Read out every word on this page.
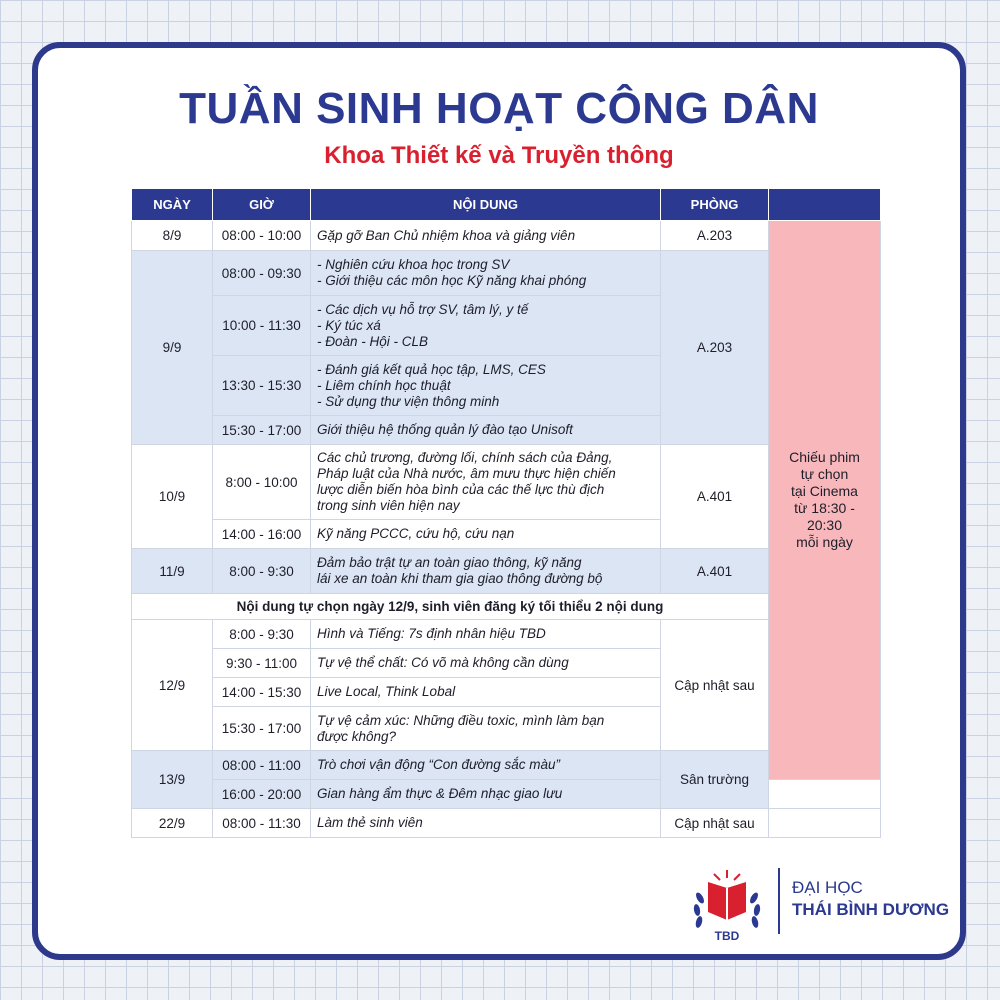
TUẦN SINH HOẠT CÔNG DÂN
Khoa Thiết kế và Truyền thông
NGÀY	GIỜ	NỘI DUNG	PHÒNG		
8/9	08:00 - 10:00	Gặp gỡ Ban Chủ nhiệm khoa và giảng viên	A.203	Chiếu phim
tự chọn
tại Cinema
từ 18:30 - 20:30
mỗi ngày	

9/9	08:00 - 09:30	- Nghiên cứu khoa học trong SV
- Giới thiệu các môn học Kỹ năng khai phóng	A.203		
	10:00 - 11:30	- Các dịch vụ hỗ trợ SV, tâm lý, y tế
- Ký túc xá
- Đoàn - Hội - CLB			

	13:30 - 15:30	- Đánh giá kết quả học tập, LMS, CES
- Liêm chính học thuật
- Sử dụng thư viện thông minh			

	15:30 - 17:00	Giới thiệu hệ thống quản lý đào tạo Unisoft			

10/9	8:00 - 10:00	Các chủ trương, đường lối, chính sách của Đảng,
Pháp luật của Nhà nước, âm mưu thực hiện chiến
lược diễn biến hòa bình của các thế lực thù địch
trong sinh viên hiện nay	A.401		
	14:00 - 16:00	Kỹ năng PCCC, cứu hộ, cứu nạn			

11/9	8:00 - 9:30	Đảm bảo trật tự an toàn giao thông, kỹ năng
lái xe an toàn khi tham gia giao thông đường bộ	A.401		
Nội dung tự chọn ngày 12/9, sinh viên đăng ký tối thiểu 2 nội dung					
12/9	8:00 - 9:30	Hình và Tiếng: 7s định nhân hiệu TBD	Cập nhật sau		
	9:30 - 11:00	Tự vệ thể chất: Có võ mà không cần dùng			

	14:00 - 15:30	Live Local, Think Lobal			

	15:30 - 17:00	Tự vệ cảm xúc: Những điều toxic, mình làm bạn
được không?			

13/9	08:00 - 11:00	Trò chơi vận động “Con đường sắc màu”	Sân trường		
	16:00 - 20:00	Gian hàng ẩm thực & Đêm nhạc giao lưu			

22/9	08:00 - 11:30	Làm thẻ sinh viên	Cập nhật sau		
TBD
ĐẠI HỌC
THÁI BÌNH DƯƠNG
